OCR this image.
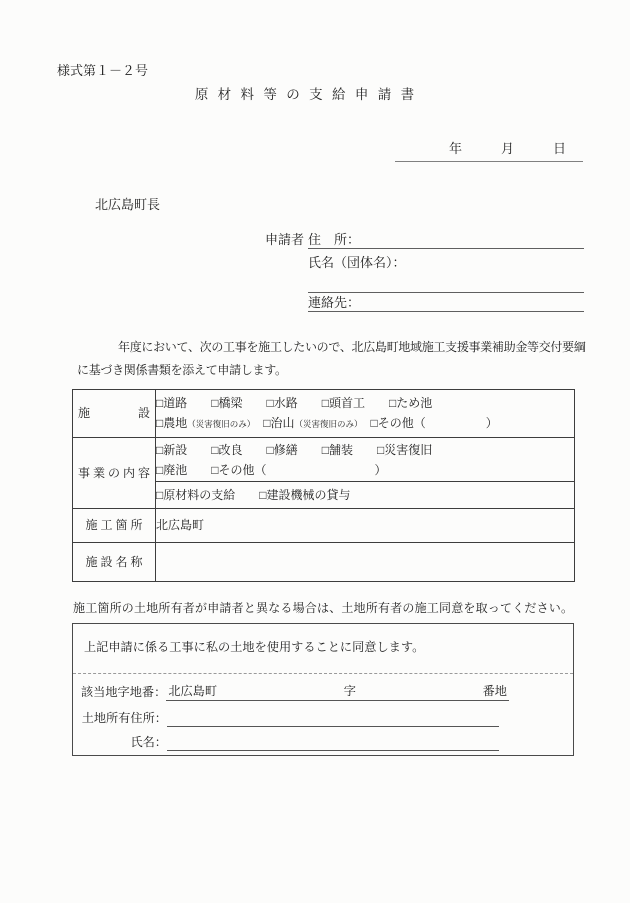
様式第１－２号
原 材 料 等 の 支 給 申 請 書
年　　　月　　　日
北広島町長
申請者 住　所：
氏名（団体名）：
連絡先：
年度において、次の工事を施工したいので、北広島町地域施工支援事業補助金等交付要綱
に基づき関係書類を添えて申請します。
施　　　　設	□道路　　□橋梁　　□水路　　□頭首工　　□ため池
□農地（災害復旧のみ） □治山（災害復旧のみ） □その他（　　　　　）

事 業 の 内 容	□新設　　□改良　　□修繕　　□舗装　　□災害復旧
□廃池　　□その他（　　　　　　　　　）

	□原材料の支給　　□建設機械の貸与

施 工 箇 所	北広島町
施 設 名 称	
施工箇所の土地所有者が申請者と異なる場合は、土地所有者の施工同意を取ってください。
上記申請に係る工事に私の土地を使用することに同意します。
該当地字地番： 北広島町	字	番地
土地所有住所：
氏名：
